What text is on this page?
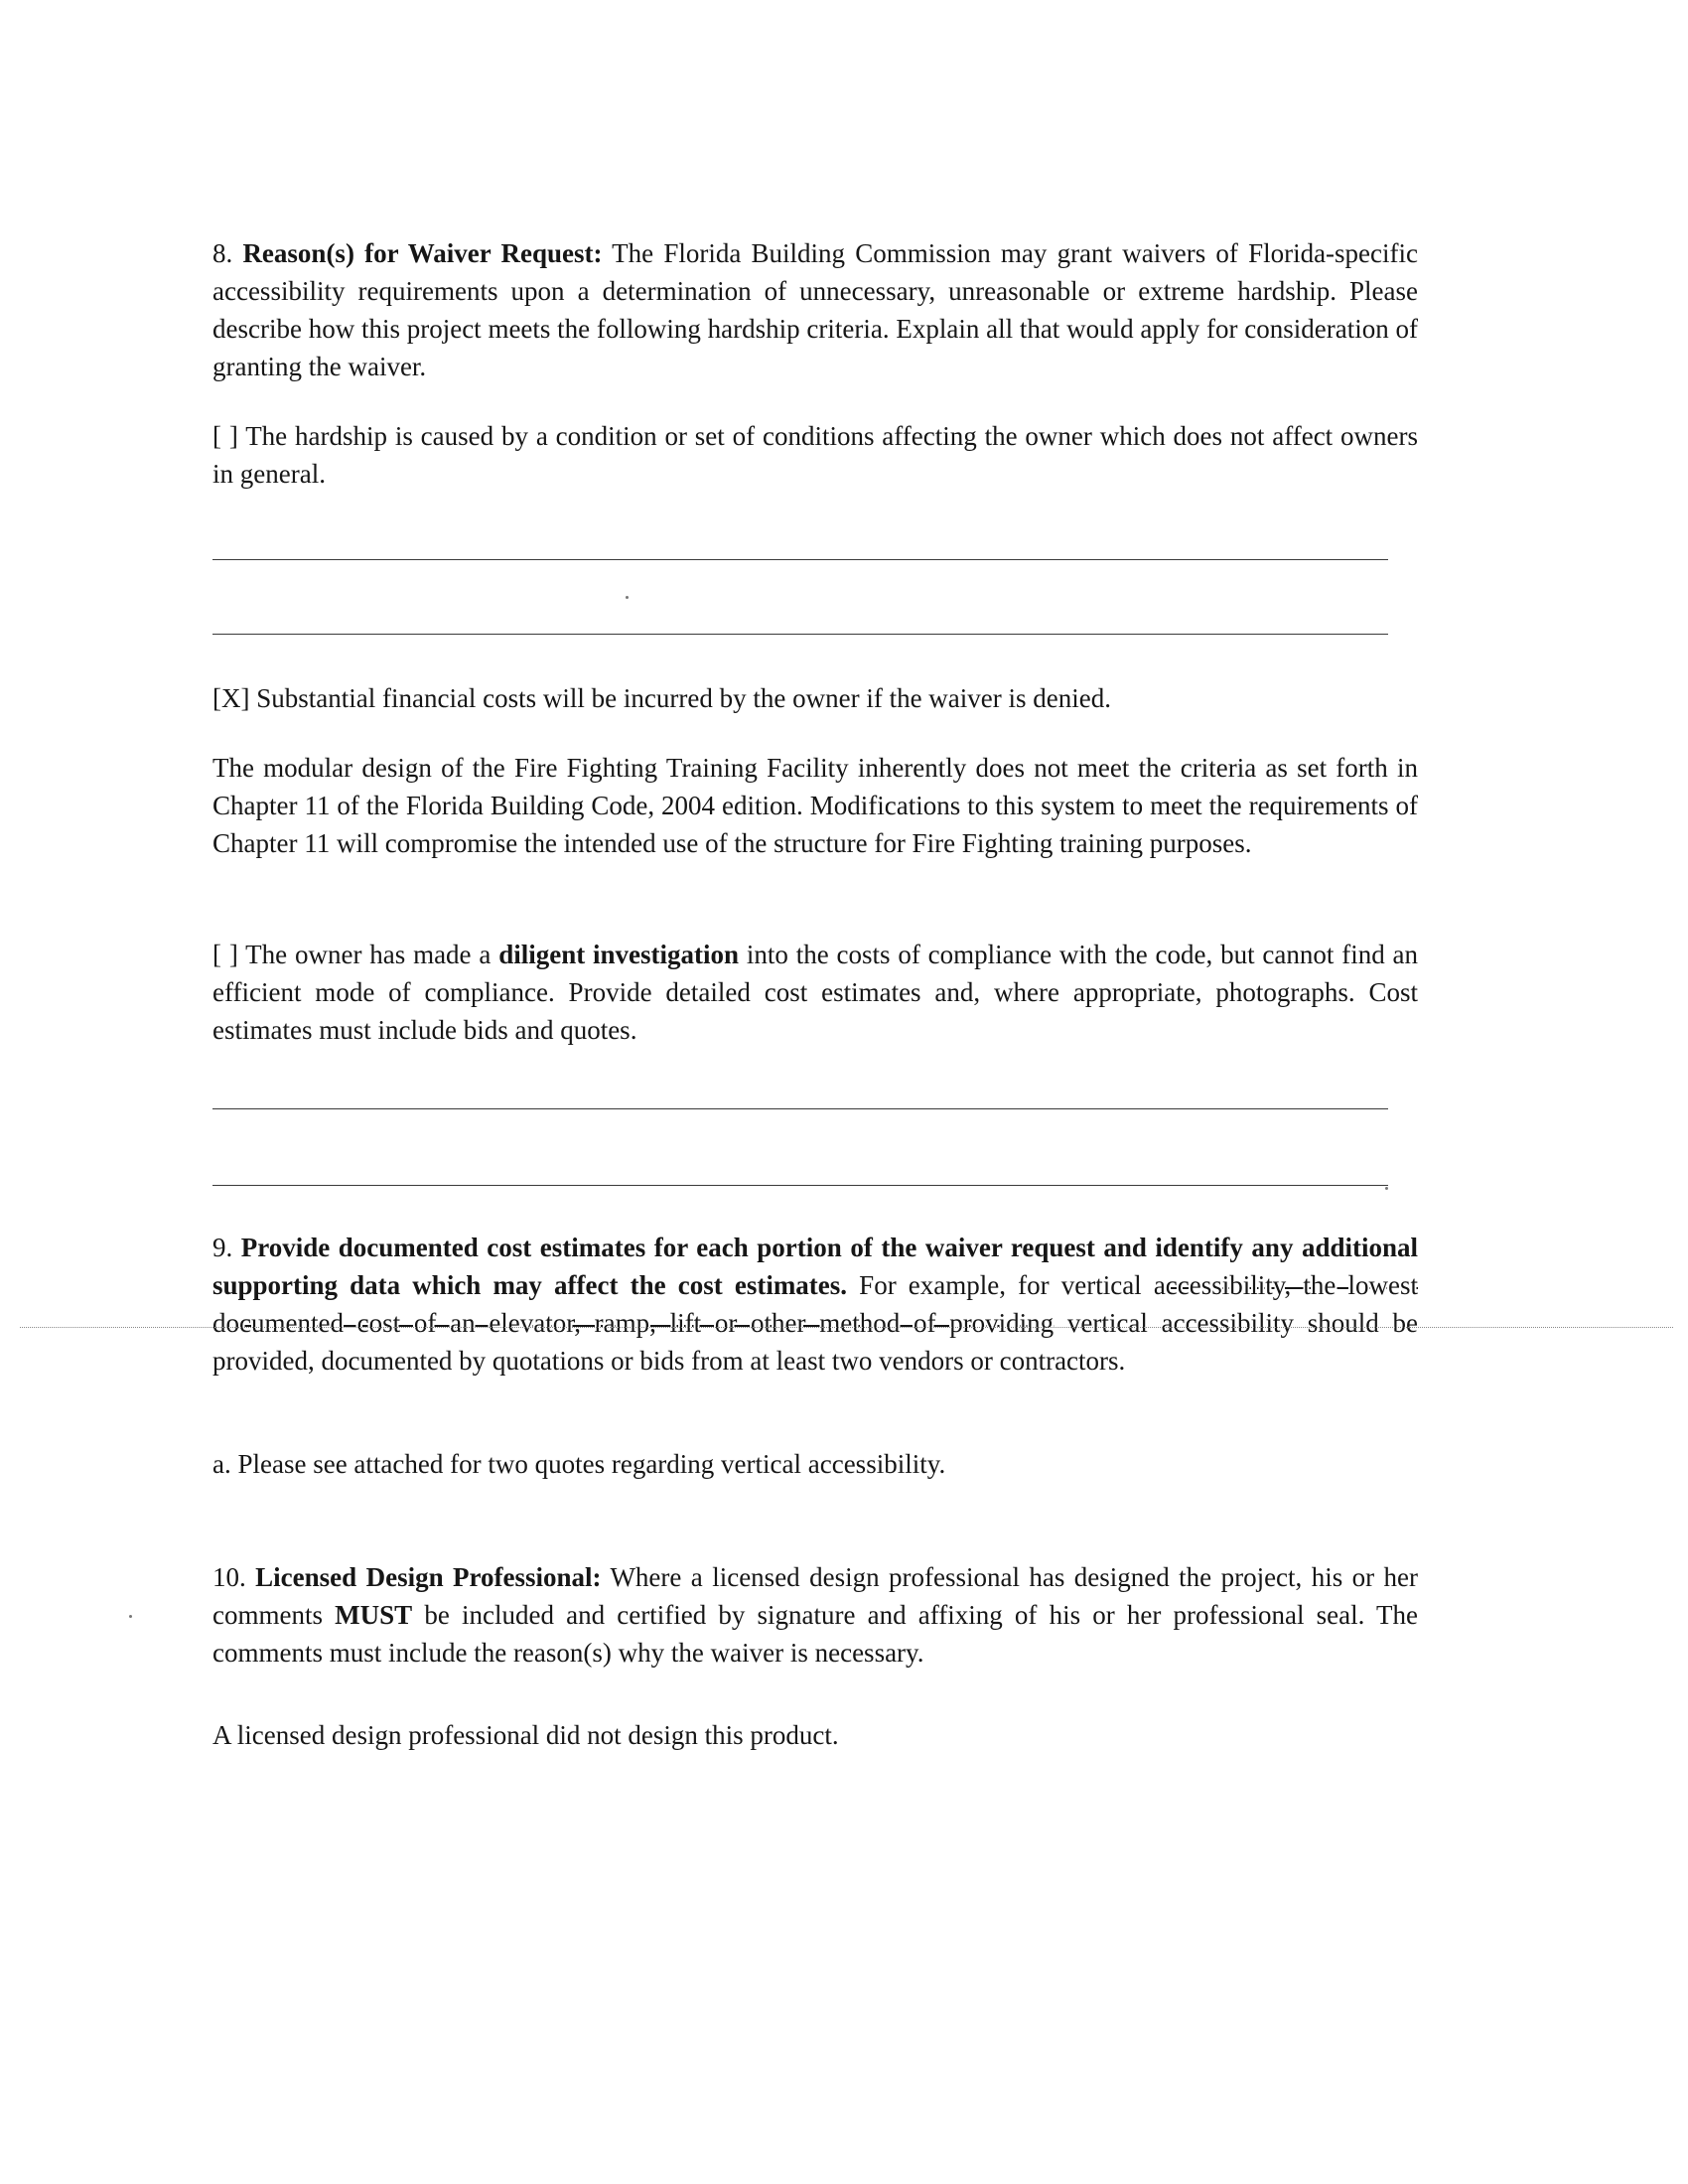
8. Reason(s) for Waiver Request: The Florida Building Commission may grant waivers of Florida-specific accessibility requirements upon a determination of unnecessary, unreasonable or extreme hardship. Please describe how this project meets the following hardship criteria. Explain all that would apply for consideration of granting the waiver.
[ ] The hardship is caused by a condition or set of conditions affecting the owner which does not affect owners in general.
[X] Substantial financial costs will be incurred by the owner if the waiver is denied.
The modular design of the Fire Fighting Training Facility inherently does not meet the criteria as set forth in Chapter 11 of the Florida Building Code, 2004 edition. Modifications to this system to meet the requirements of Chapter 11 will compromise the intended use of the structure for Fire Fighting training purposes.
[ ] The owner has made a diligent investigation into the costs of compliance with the code, but cannot find an efficient mode of compliance. Provide detailed cost estimates and, where appropriate, photographs. Cost estimates must include bids and quotes.
9. Provide documented cost estimates for each portion of the waiver request and identify any additional supporting data which may affect the cost estimates. For example, for vertical accessibility, the lowest documented cost of an elevator, ramp, lift or other method of providing vertical accessibility should be provided, documented by quotations or bids from at least two vendors or contractors.
a. Please see attached for two quotes regarding vertical accessibility.
10. Licensed Design Professional: Where a licensed design professional has designed the project, his or her comments MUST be included and certified by signature and affixing of his or her professional seal. The comments must include the reason(s) why the waiver is necessary.
A licensed design professional did not design this product.
